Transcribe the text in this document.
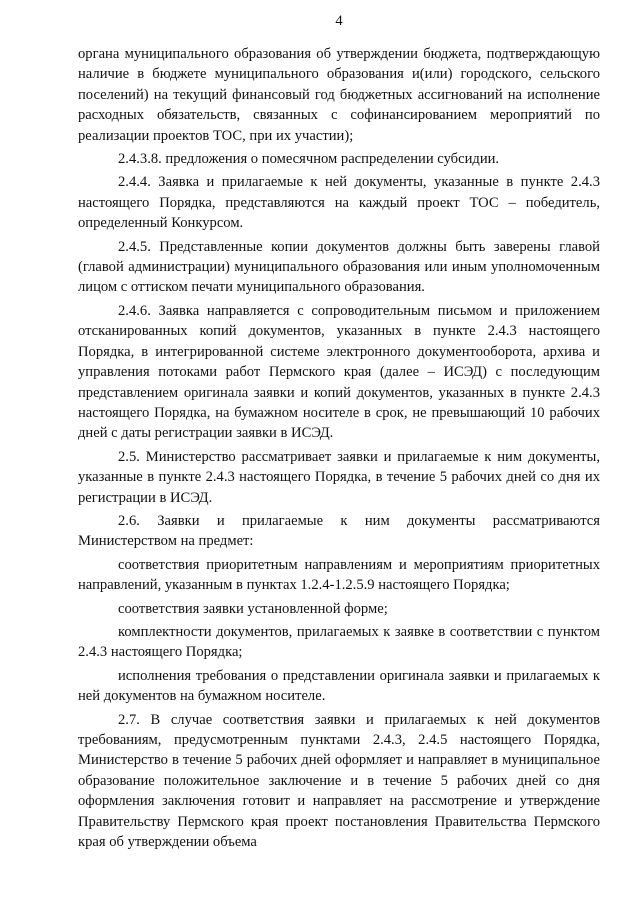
4

органа муниципального образования об утверждении бюджета, подтверждающую наличие в бюджете муниципального образования и(или) городского, сельского поселений) на текущий финансовый год бюджетных ассигнований на исполнение расходных обязательств, связанных с софинансированием мероприятий по реализации проектов ТОС, при их участии);

2.4.3.8. предложения о помесячном распределении субсидии.

2.4.4. Заявка и прилагаемые к ней документы, указанные в пункте 2.4.3 настоящего Порядка, представляются на каждый проект ТОС – победитель, определенный Конкурсом.

2.4.5. Представленные копии документов должны быть заверены главой (главой администрации) муниципального образования или иным уполномоченным лицом с оттиском печати муниципального образования.

2.4.6. Заявка направляется с сопроводительным письмом и приложением отсканированных копий документов, указанных в пункте 2.4.3 настоящего Порядка, в интегрированной системе электронного документооборота, архива и управления потоками работ Пермского края (далее – ИСЭД) с последующим представлением оригинала заявки и копий документов, указанных в пункте 2.4.3 настоящего Порядка, на бумажном носителе в срок, не превышающий 10 рабочих дней с даты регистрации заявки в ИСЭД.

2.5. Министерство рассматривает заявки и прилагаемые к ним документы, указанные в пункте 2.4.3 настоящего Порядка, в течение 5 рабочих дней со дня их регистрации в ИСЭД.

2.6. Заявки и прилагаемые к ним документы рассматриваются Министерством на предмет:

соответствия приоритетным направлениям и мероприятиям приоритетных направлений, указанным в пунктах 1.2.4-1.2.5.9 настоящего Порядка;

соответствия заявки установленной форме;

комплектности документов, прилагаемых к заявке в соответствии с пунктом 2.4.3 настоящего Порядка;

исполнения требования о представлении оригинала заявки и прилагаемых к ней документов на бумажном носителе.

2.7. В случае соответствия заявки и прилагаемых к ней документов требованиям, предусмотренным пунктами 2.4.3, 2.4.5 настоящего Порядка, Министерство в течение 5 рабочих дней оформляет и направляет в муниципальное образование положительное заключение и в течение 5 рабочих дней со дня оформления заключения готовит и направляет на рассмотрение и утверждение Правительству Пермского края проект постановления Правительства Пермского края об утверждении объема
